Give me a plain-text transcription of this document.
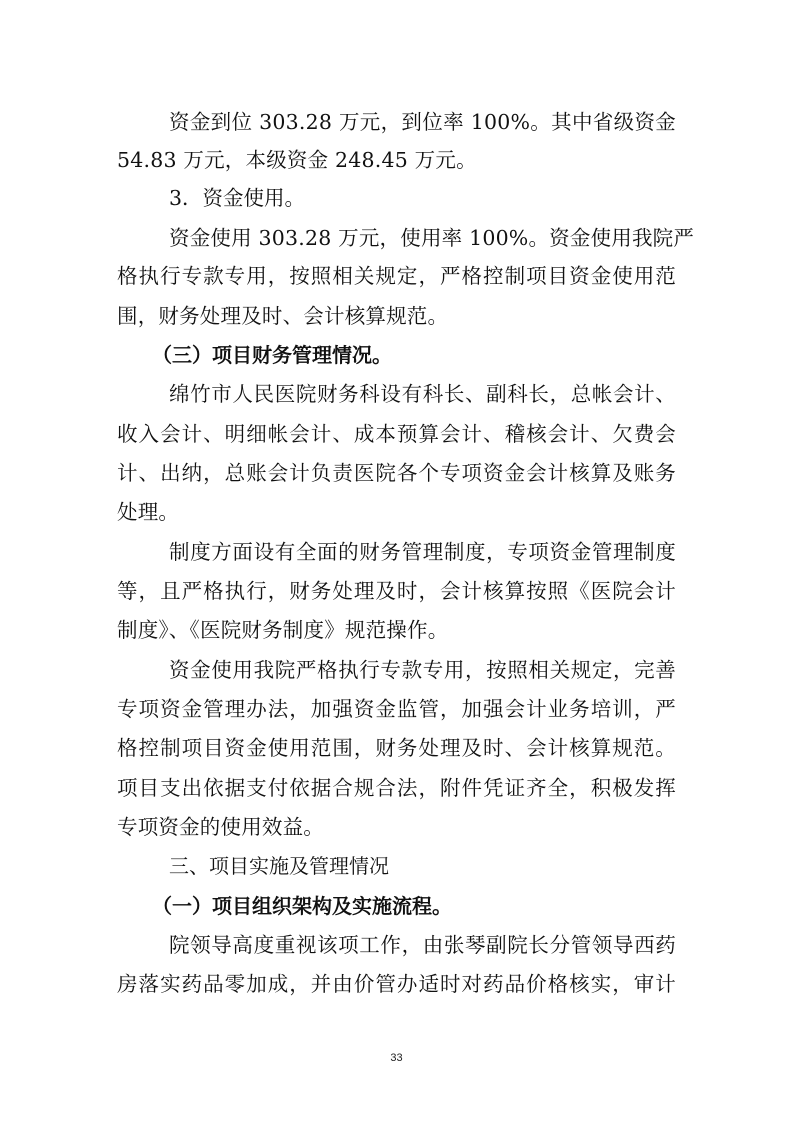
资金到位 303.28 万元，到位率 100%。其中省级资金
54.83 万元，本级资金 248.45 万元。
3．资金使用。
资金使用 303.28 万元，使用率 100%。资金使用我院严
格执行专款专用，按照相关规定，严格控制项目资金使用范
围，财务处理及时、会计核算规范。
（三）项目财务管理情况。
绵竹市人民医院财务科设有科长、副科长，总帐会计、
收入会计、明细帐会计、成本预算会计、稽核会计、欠费会
计、出纳，总账会计负责医院各个专项资金会计核算及账务
处理。
制度方面设有全面的财务管理制度，专项资金管理制度
等，且严格执行，财务处理及时，会计核算按照《医院会计
制度》、《医院财务制度》规范操作。
资金使用我院严格执行专款专用，按照相关规定，完善
专项资金管理办法，加强资金监管，加强会计业务培训，严
格控制项目资金使用范围，财务处理及时、会计核算规范。
项目支出依据支付依据合规合法，附件凭证齐全，积极发挥
专项资金的使用效益。
三、项目实施及管理情况
（一）项目组织架构及实施流程。
院领导高度重视该项工作，由张琴副院长分管领导西药
房落实药品零加成，并由价管办适时对药品价格核实，审计
33
